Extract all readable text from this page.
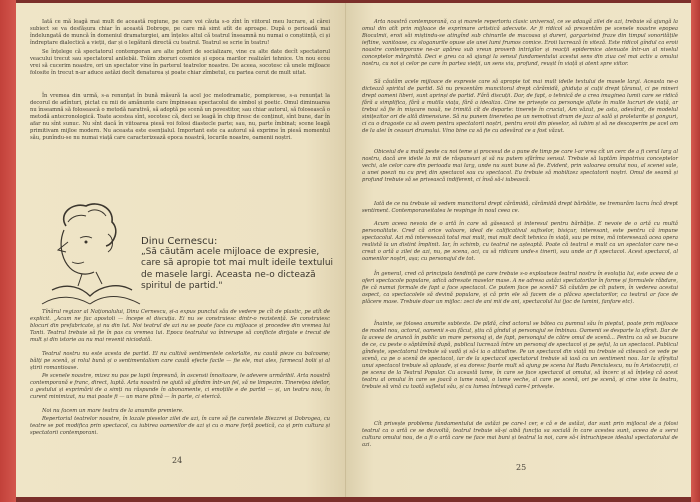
Iată ce mă leagă mai mult de această regiune, pe care voi căuta s-o zînt în viitorul meu lucrare, al cărei subiect se va desfășura chiar în această Dobroge, pe care mă simt atît de aproape. După o perioadă mai îndelungată de muncă în domeniul dramaturgiei, am înțeles altul că teatrul înseamnă nu numai o conștiință, ci și îndreptare dialectică a vieții, dar și o legătură directă cu teatrul. Teatrul se scrie în teatru!

Se înțelege că spectatorul contemporan are alte puteri de socializare, vine cu alte date decît spectatorul veacului trecut sau spectatorul anilebăi. Trăim zboruri cosmice și epoca marilor realizări tehnice. Un nou ecou vrei să cucerim noastre, ori un spectator vine în parterul teatrelor noastre. De aceea, socotesc că unele mijloace folosite în trecut n-ar aduce astăzi decît denaturea și poate chiar zîmbetul, cu partea cerut de mult uitat.

În vremea din urmă, s-a renunțat în bună măsură la acel joc melodramatic, pompierese, s-a renunțat la decorul de adînturi, pictat cu mii de amănunte care împinseau spectacolul de simbol și poetic. Omul diminuarea nu înseamnă să folosească o metodă narativă, să adoptă pe scenă un povestitor, sau chiar autorul, să folosească o metodă antecronologică. Toate acestea sînt, socotesc că, deci se leagă în chip firesc de conținut, sînt bune, dar în afar nu sînt sunuc. Nu sînt dacă în viitoarea piesă voi folosi diastecle parte; sau, nu, parte îmbinat; scene leagă primitivam mijloe modern. Nu aceasta este esențialul. Important este ca autorul să exprime în piesă momentul său, punîndu-se nu numai viață care caracterizează epoca noastră, locurile noastre, oamenii noștri.

Dinu Cernescu:

„Să căutăm acele mijloace de expresie, care să apropie tot mai mult ideile textului de masele largi. Aceasta ne-o dictează spiritul de partid."

Tînărul regizor al Naționalului, Dinu Cernescu, și-a expus punctul său de vedere pe cît de plastic, pe atît de explicit. „Acum ne fac apostoli — începe el discuția. Ei nu se construiesc dintr-o rezistență. Se construiesc blocuri din prefabricate, și nu din lut. Noi teatrul de azi nu se poate face cu mijloace și procedee din vremea lui Tanti. Teatrul trebuie să fie în pas cu vremea lui. Epoca teatrului va întrerupe să conflicte dirijate e trecut de mult și din istorie au nu mai revenit niciodată.

Teatrul nostru nu este acesta de partid. El nu cultivă sentimentele celorlalte, nu caută pieze cu balcoane; bălți pe scenă, și rolul bună și o sentimentalism care caută efecte facile — fie ele, mai ales, farmecul bolii și al știrii romantioase.

Pe scenele noastre, mizez nu pas pe lupii împreună, în ascensii înnoitoare, le adevere urmăribil. Arta noastră contemporană e franc, direct, luptă. Arta noastră ne ajută să gîndim într-un fel, să ne limpezim. Tinerețea ideilor, a gestului și exprimării de a simți nu răspunde în abonamente, ci emoțiile e de partid — și, un teatru nou, în curent minimizat, nu mai poate fi — un mare plină — în parte, ci eterică.

Noi nu facem un mare teatru de la anumite premiere.

Repertoriul teatrelor noastre, în lozale pieselor zilei de azi, în care să fie curentele Biezzrei și Dobrogea, cu teatre se pot modifica prin spectacol, cu iubirea oamenilor de azi și cu o mare forță poetică, ca și prin cultura și spectatorii contemporani.

24

Arta noastră contemporană, ca și marele repertoriu clasic universal, ce se adaugă zilei de azi, trebuie să ajungă la omul din atît prin mijloace de exprimare artistică adecvate. Ar fi ridicol să prezentăm pe scenele noastre epopea Biocalmii, eroii săi miștindu-se atingînd sub chinurile de mucoasa și dureri, gargarisind fraze din timpul sonoritățile ieftine, vanitoase, cu sloganurile opuse ale unei lumi frumos comice. Eroii lucrează în viteză. Este ridicol gîndul ca eroii noastre contemporane ne-ar apărea sub vreun proverb intrigilor și reacții epidermice atenuate într-un al nivelul conceptelor mărginită. Deci e greu ca să ajungi la sensul fundamentului acestui sens din ziua cel mai activ a omului nostru, cu noi și celor pe care în partea vieții, un sens viu, profund, reușit în viață și atent spre viitor.

Să căutăm acele mijloace de expresie care să apropie tot mai mult ideile textului de masele largi. Aceasta ne-o dictează spiritul de partid. Să nu prezentăm muncitorul drept cărămidă, ghiduța și cuții drept țăranul, ci pe mineri drept oameni liberi, sunt aprinși de partid. Fără discuții. Dar, de fapt, o tehnică de a crea imaginea lumii care se ridică fără a simplifica, fără a mutila viața, fără a idealiza. Cine ne privește ca personaje aflate în multe lucruri de viață, ar trebui să fie în mișcare nouă, ne trimită cît de departe: tinerețe în crucial, Am văzut, pe asta, adevărat, de modelul sinițezitor ori de altă dimensiune. Să nu punem tineretea pe un nemotivat drum de jazz al sală și proletarite și gonguri, ci cu o dragoste ca să avem pentru spectatorii noștri, pentru eroii din pieselor, să iubim și să ne descoperim pe acel om de la alei în ceasuri drumului. Vino bine ca să fie cu adevărat ce a fost văzut.

Obiceiul de a mută peste cu noi teme și procesul de a pune de timp pe care l-ar vrea cît un cerc de a fi cerul larg al nostru, dacă are ideile la mii de răspunsuri și să nu putem sfărîma sensul. Trebuie să luptăm împotriva conceptelor vechi, ale celor care din perioada mai larg, unde nu sunt bune să fie. Evident, prin valoarea omului nou, al scenei sale, a unei poezii nu cu preț din spectacol sau cu spectacol. Eu trebuie să mobilizez spectatorii noștri. Omul de seamă și profund trebuie să se privească indiferent, ci însă să-i iubească.

Iată de ce nu trebuie să vedem muncitorul drept cărămidă, cărămidă drept bărbătie, ne tremurăm lucru încă drept sentiment. Contemporaneitatea le respinge în noul ceea ce.

Acum aceea nevoia de o artă în care să găsească și interesul pentru bărbăție. E nevoie de o artă cu multă personalitate. Cred că orice valoare, ideal de calificativul sufixelor, bisiçur, interesant, este pentru că impune spectacolul. Azi mă interesează totul mai mult, mai mult decît tehnica în viață, sau pe mine, mă interesează acea opera realistă la un distint împlinit. Iar, în schimb, cu teatrul ne așteaptă. Poate că teatrul e mult ca un spectator care ne-a creat o artă a zilei de azi, nu, pe scena, aci, ca să ridicam unde-s tinerii, sau unde ar fi spectacol. Acest spectacol, al oamenilor noștri, așa; cu personajul de tot.

În general, cred că principala tendință pe care trebuie s-o exploateze teatrul nostru în evoluția lui, este aceea de a oferi spectacole populare, adică adresate maselor mase. A ne adresa astăzi spectatorilor în forme și formulele răbdare, fie că numai formale de fapt a face spectacol. Ce putem face pe scenă? Să căutăm pe cît putem, în vederea acestui aspect, ca spectacolele să devină populare, și că prin ele să facem de a plăcea spectatorilor, ca teatrul ar face de plăcere mase. Trebuie doar un mijloc: zeci de ani mii de ani, spectacolul lui (joc de lumini, fanfare etc).

Înainte, se folosea anumite subtexte. De pildă, cînd actorul se bătea cu pumnul său în pieptul, poate prin mijloace de model nou, actorul, oamenii s-au făcut, știu că gîndul și personajul se îmbinau. Oamenii se desparte la sfîrșit. Dar de la aceea de aruncă în public un mare personaj și, de fapt, personajul de către omul de scenă... Pentru ca să se bucure de ce, cu peste o săptămînă după, publicul lucrează între un personaj de spectacol și pe șeful, la un spectacol. Publicul gîndește, spectatorul trebuie să vadă și să-i ia o atitudine. Pe un spectacol din viață nu trebuie să citească ce vede pe scenă, ca pe o scenă de spectacol, iar de la spectacol spectatorul trebuie să iasă cu un sentiment nou. Iar la sfîrșitul unui spectacol trebuie să aplaude, și eu doresc foarte mult să ajung pe scena lui Radu Penciulescu, nu în Aristocrații, ci pe scena de la Teatrul Popular. Cu această lume, în care se face spectacol al omului, să încerc și să înțeleg că acest teatru al omului în care se joacă o lume nouă, o lume veche, al care pe scenă, ori pe scenă, și cine vine la teatru, trebuie să vină cu toată sufletul său, și cu lumea întreagă care-l privește.

Cît privește problema fundamentului de astăzi pe care-l cer, e că e de astăzi, dar sunt prin mijlocul de a folosi teatrul ca o artă ce se dezvoltă, teatrul trebuie să-și aibă funcția sa socială în care acestea sunt, aceea de a servi cultura omului nou, de a fi o artă care ne face mai buni și teatrul la noi, care să-i întruchipeze idealul spectatorului de azi.

25
